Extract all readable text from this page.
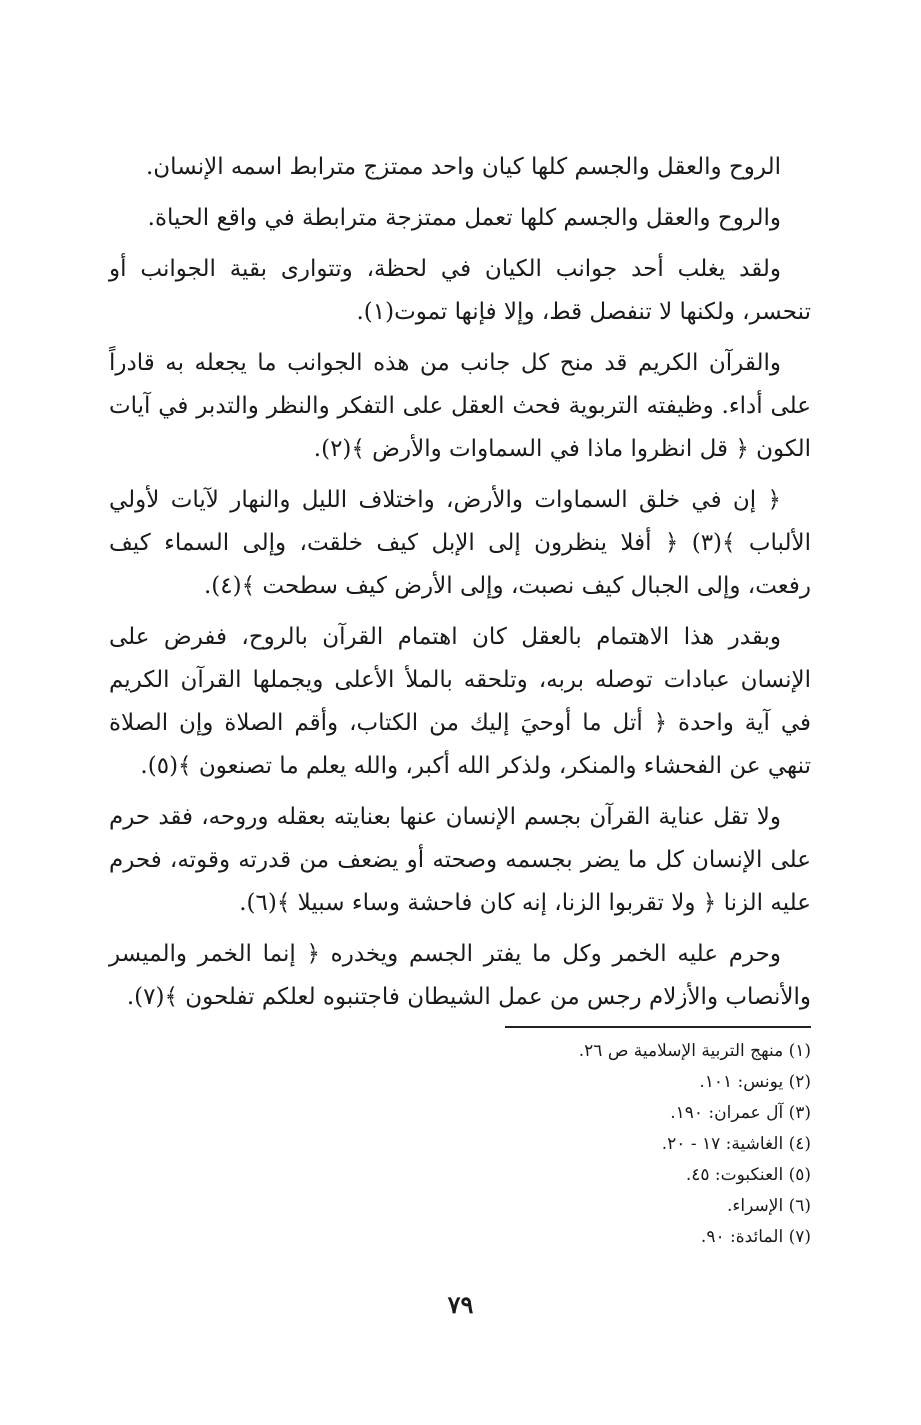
الروح والعقل والجسم كلها كيان واحد ممتزج مترابط اسمه الإنسان.

والروح والعقل والجسم كلها تعمل ممتزجة مترابطة في واقع الحياة.

ولقد يغلب أحد جوانب الكيان في لحظة، وتتوارى بقية الجوانب أو تنحسر، ولكنها لا تنفصل قط، وإلا فإنها تموت(١).

والقرآن الكريم قد منح كل جانب من هذه الجوانب ما يجعله به قادراً على أداء. وظيفته التربوية فحث العقل على التفكر والنظر والتدبر في آيات الكون ﴿ قل انظروا ماذا في السماوات والأرض ﴾(٢).

﴿ إن في خلق السماوات والأرض، واختلاف الليل والنهار لآيات لأولي الألباب ﴾(٣) ﴿ أفلا ينظرون إلى الإبل كيف خلقت، وإلى السماء كيف رفعت، وإلى الجبال كيف نصبت، وإلى الأرض كيف سطحت ﴾(٤).

وبقدر هذا الاهتمام بالعقل كان اهتمام القرآن بالروح، ففرض على الإنسان عبادات توصله بربه، وتلحقه بالملأ الأعلى ويجملها القرآن الكريم في آية واحدة ﴿ أتل ما أوحيَ إليك من الكتاب، وأقم الصلاة وإن الصلاة تنهي عن الفحشاء والمنكر، ولذكر الله أكبر، والله يعلم ما تصنعون ﴾(٥).

ولا تقل عناية القرآن بجسم الإنسان عنها بعنايته بعقله وروحه، فقد حرم على الإنسان كل ما يضر بجسمه وصحته أو يضعف من قدرته وقوته، فحرم عليه الزنا ﴿ ولا تقربوا الزنا، إنه كان فاحشة وساء سبيلا ﴾(٦).

وحرم عليه الخمر وكل ما يفتر الجسم ويخدره ﴿ إنما الخمر والميسر والأنصاب والأزلام رجس من عمل الشيطان فاجتنبوه لعلكم تفلحون ﴾(٧).

(١) منهج التربية الإسلامية ص ٢٦.
(٢) يونس: ١٠١.
(٣) آل عمران: ١٩٠.
(٤) الغاشية: ١٧ - ٢٠.
(٥) العنكبوت: ٤٥.
(٦) الإسراء.
(٧) المائدة: ٩٠.
٧٩
